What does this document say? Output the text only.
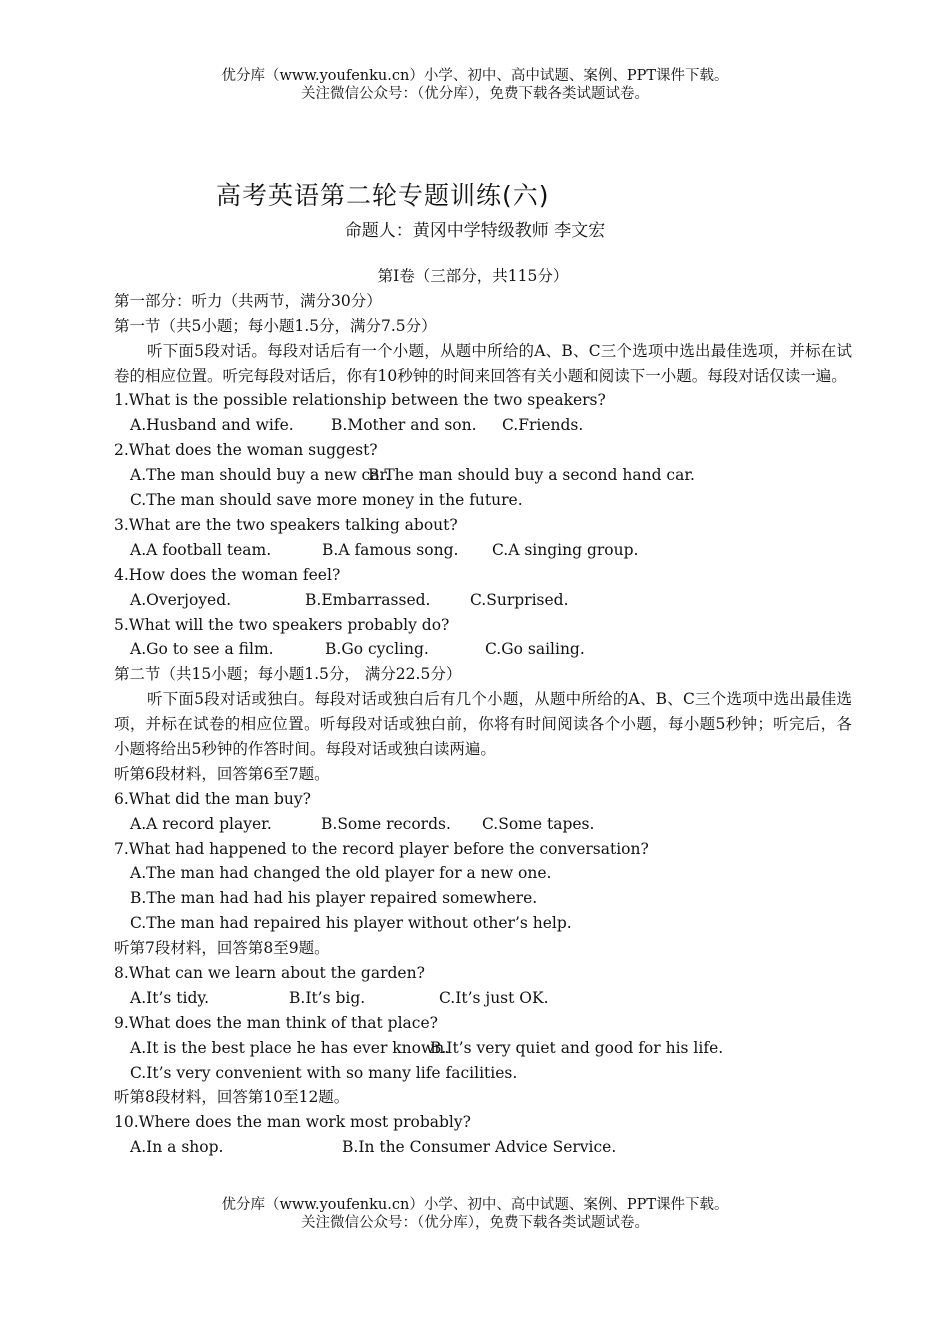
优分库（www.youfenku.cn）小学、初中、高中试题、案例、PPT课件下载。
关注微信公众号：（优分库），免费下载各类试题试卷。
高考英语第二轮专题训练(六)
命题人：黄冈中学特级教师 李文宏
第Ⅰ卷（三部分，共115分）
第一部分：听力（共两节，满分30分）
第一节（共5小题；每小题1.5分，满分7.5分）
听下面5段对话。每段对话后有一个小题，从题中所给的A、B、C三个选项中选出最佳选项，并标在试卷的相应位置。听完每段对话后，你有10秒钟的时间来回答有关小题和阅读下一小题。每段对话仅读一遍。
1.What is the possible relationship between the two speakers?
A.Husband and wife. B.Mother and son. C.Friends.
2.What does the woman suggest?
A.The man should buy a new car.B.The man should buy a second hand car.
C.The man should save more money in the future.
3.What are the two speakers talking about?
A.A football team.	B.A famous song. C.A singing group.
4.How does the woman feel?
A.Overjoyed.	B.Embarrassed.	C.Surprised.
5.What will the two speakers probably do?
A.Go to see a film.	B.Go cycling.	C.Go sailing.
第二节（共15小题；每小题1.5分， 满分22.5分）
听下面5段对话或独白。每段对话或独白后有几个小题，从题中所给的A、B、C三个选项中选出最佳选项，并标在试卷的相应位置。听每段对话或独白前，你将有时间阅读各个小题，每小题5秒钟；听完后，各小题将给出5秒钟的作答时间。每段对话或独白读两遍。
听第6段材料，回答第6至7题。
6.What did the man buy?
A.A record player.	B.Some records. C.Some tapes.
7.What had happened to the record player before the conversation?
A.The man had changed the old player for a new one.
B.The man had had his player repaired somewhere.
C.The man had repaired his player without other’s help.
听第7段材料，回答第8至9题。
8.What can we learn about the garden?
A.It’s tidy.	B.It’s big.	C.It’s just OK.
9.What does the man think of that place?
A.It is the best place he has ever known.B.It’s very quiet and good for his life.
C.It’s very convenient with so many life facilities.
听第8段材料，回答第10至12题。
10.Where does the man work most probably?
A.In a shop.	B.In the Consumer Advice Service.
优分库（www.youfenku.cn）小学、初中、高中试题、案例、PPT课件下载。
关注微信公众号：（优分库），免费下载各类试题试卷。
